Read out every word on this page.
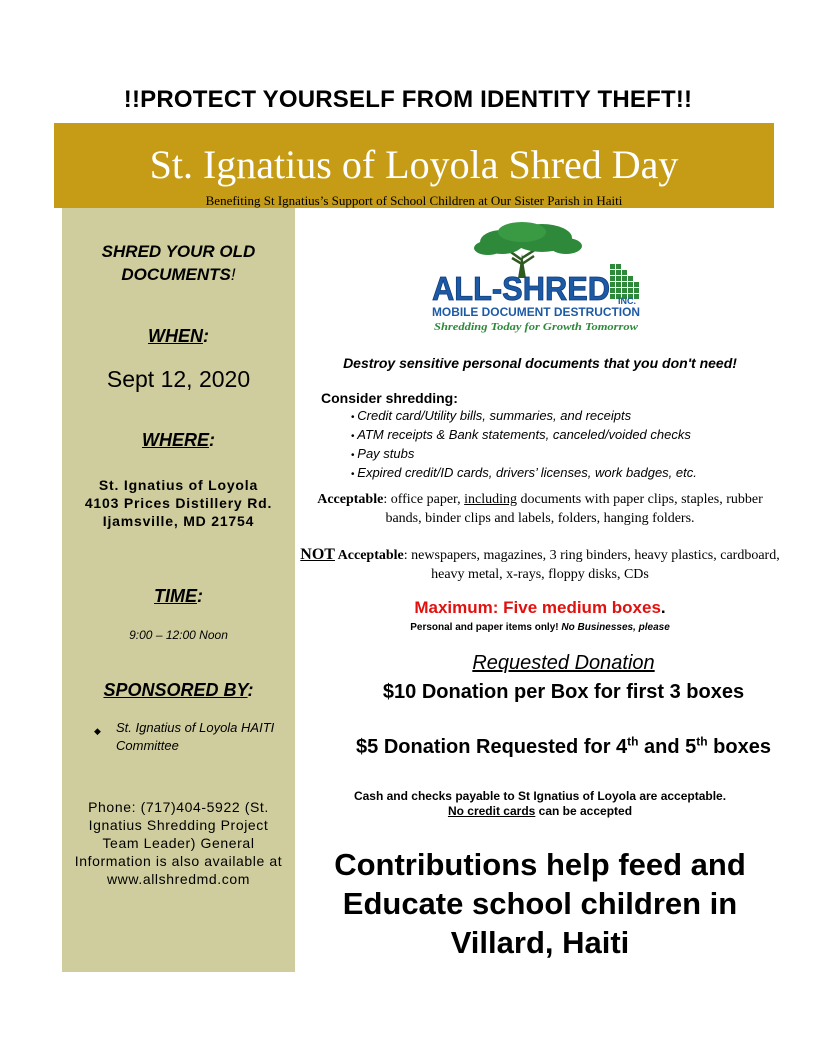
!!PROTECT YOURSELF FROM IDENTITY THEFT!!
St. Ignatius of Loyola Shred Day
Benefiting St Ignatius’s Support of School Children at Our Sister Parish in Haiti
SHRED YOUR OLD
DOCUMENTS!
WHEN:
Sept 12, 2020
WHERE:
St. Ignatius of Loyola
4103 Prices Distillery Rd.
Ijamsville, MD 21754
TIME:
9:00 – 12:00 Noon
SPONSORED BY:
◆ St. Ignatius of Loyola HAITI Committee
Phone: (717)404-5922 (St. Ignatius Shredding Project Team Leader) General Information is also available at www.allshredmd.com
ALL-SHRED INC.
MOBILE DOCUMENT DESTRUCTION
Shredding Today for Growth Tomorrow
Destroy sensitive personal documents that you don't need!
Consider shredding:
• Credit card/Utility bills, summaries, and receipts
• ATM receipts & Bank statements, canceled/voided checks
• Pay stubs
• Expired credit/ID cards, drivers’ licenses, work badges, etc.
Acceptable: office paper, including documents with paper clips, staples, rubber bands, binder clips and labels, folders, hanging folders.
NOT Acceptable: newspapers, magazines, 3 ring binders, heavy plastics, cardboard, heavy metal, x-rays, floppy disks, CDs
Maximum: Five medium boxes.
Personal and paper items only! No Businesses, please
Requested Donation
$10 Donation per Box for first 3 boxes
$5 Donation Requested for 4th and 5th boxes
Cash and checks payable to St Ignatius of Loyola are acceptable.
No credit cards can be accepted
Contributions help feed and Educate school children in Villard, Haiti
